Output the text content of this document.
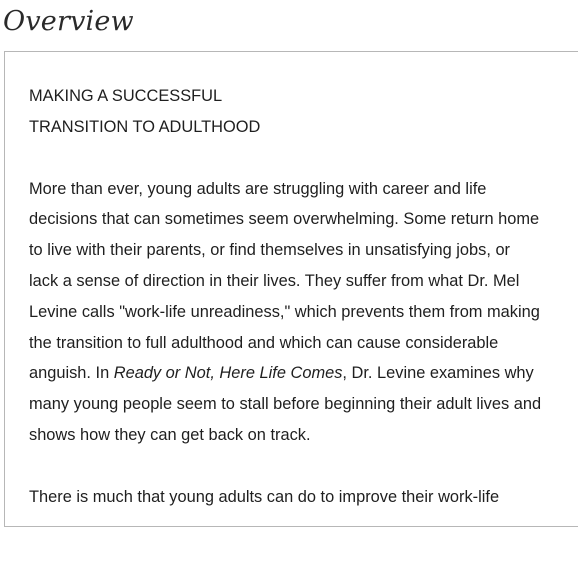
Overview
MAKING A SUCCESSFUL
TRANSITION TO ADULTHOOD

More than ever, young adults are struggling with career and life
decisions that can sometimes seem overwhelming. Some return home
to live with their parents, or find themselves in unsatisfying jobs, or
lack a sense of direction in their lives. They suffer from what Dr. Mel
Levine calls "work-life unreadiness," which prevents them from making
the transition to full adulthood and which can cause considerable
anguish. In Ready or Not, Here Life Comes, Dr. Levine examines why
many young people seem to stall before beginning their adult lives and
shows how they can get back on track.

There is much that young adults can do to improve their work-life
